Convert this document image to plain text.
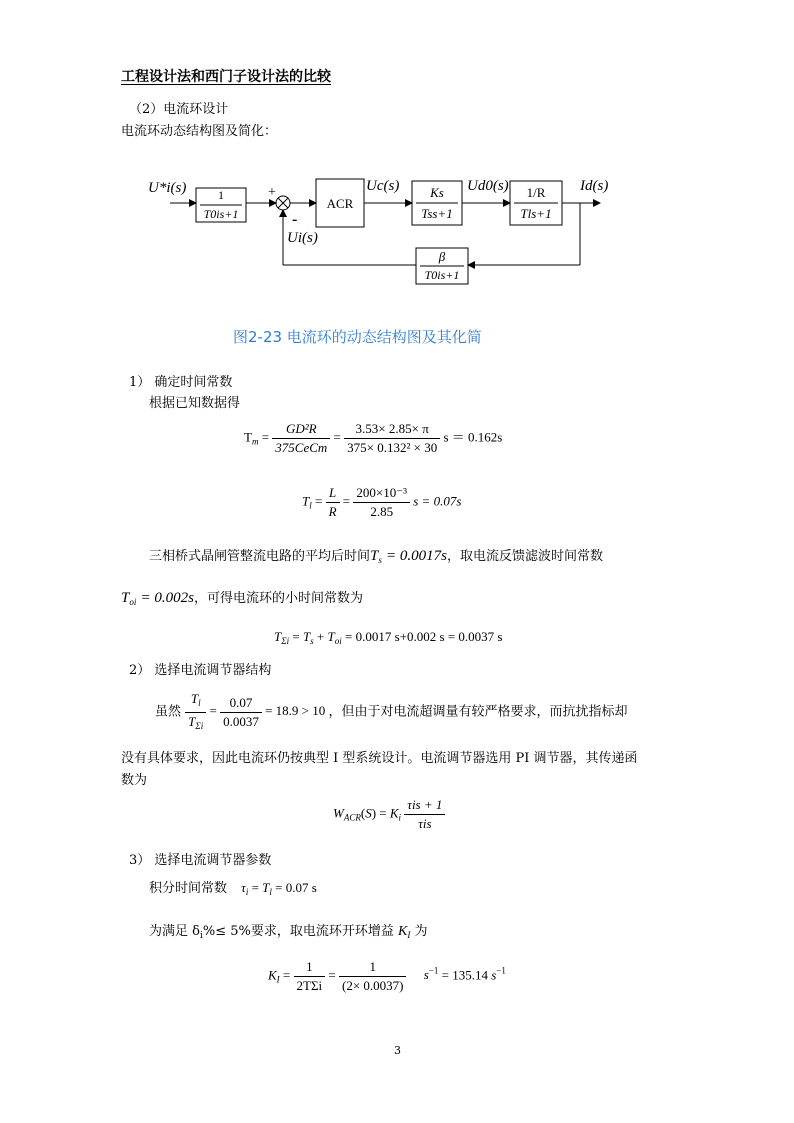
工程设计法和西门子设计法的比较
（2）电流环设计
电流环动态结构图及简化：
U*i(s)	1
T0is+1
+
-
Ui(s)
ACR
Uc(s) Ks
Tss+1
Ud0(s) 1/R
Tls+1
Id(s)
β
T0is+1
图2-23 电流环的动态结构图及其化简
1） 确定时间常数
根据已知数据得
$T_m = \frac{\text{GD²R}}{\text{375CeCm}} = \frac{3.53\times 2.85\times \pi}{\text{375× 0.132² × 30}}$ s ＝ 0.162s
$T_l = \frac{L}{R} = \frac{\text{200×10⁻³}}{2.85}$ s = 0.07s
三相桥式晶闸管整流电路的平均后时间$T_s = 0.0017s$，取电流反馈滤波时间常数
$T_{oi} = 0.002s$，可得电流环的小时间常数为
$T_{\Sigma i} = T_s + T_{oi} = 0.0017$ s+0.002 s = 0.0037 s
2） 选择电流调节器结构
虽然 $\frac{T_l}{T_{\Sigma i}} = \frac{0.07}{0.0037} = 18.9 > 10$ ，但由于对电流超调量有较严格要求，而抗扰指标却
没有具体要求，因此电流环仍按典型 I 型系统设计。电流调节器选用 PI 调节器，其传递函
数为
$W_{ACR}(S) = K_i \frac{\text{τis + 1}}{\text{τis}}$
3） 选择电流调节器参数
积分时间常数 $\tau_i = T_l = 0.07$ s
为满足 $\delta_i\%\le 5\%$要求，取电流环开环增益 $K_I$ 为
$K_I = \frac{1}{\text{2TΣi}} = \frac{1}{(2\times 0.0037)} s^{-1} = 135.14$ $s^{-1}$
3
